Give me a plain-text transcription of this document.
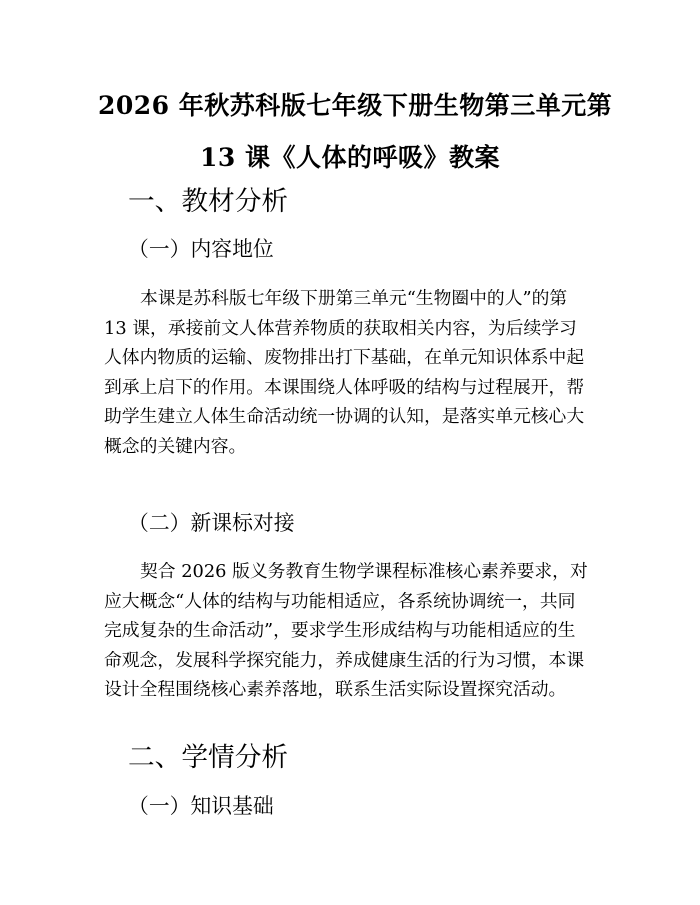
2026 年秋苏科版七年级下册生物第三单元第
13 课《人体的呼吸》教案
一、教材分析
（一）内容地位

本课是苏科版七年级下册第三单元“生物圈中的人”的第
13 课，承接前文人体营养物质的获取相关内容，为后续学习
人体内物质的运输、废物排出打下基础，在单元知识体系中起
到承上启下的作用。本课围绕人体呼吸的结构与过程展开，帮
助学生建立人体生命活动统一协调的认知，是落实单元核心大
概念的关键内容。

（二）新课标对接

契合 2026 版义务教育生物学课程标准核心素养要求，对
应大概念“人体的结构与功能相适应，各系统协调统一，共同
完成复杂的生命活动”，要求学生形成结构与功能相适应的生
命观念，发展科学探究能力，养成健康生活的行为习惯，本课
设计全程围绕核心素养落地，联系生活实际设置探究活动。

二、学情分析
（一）知识基础
